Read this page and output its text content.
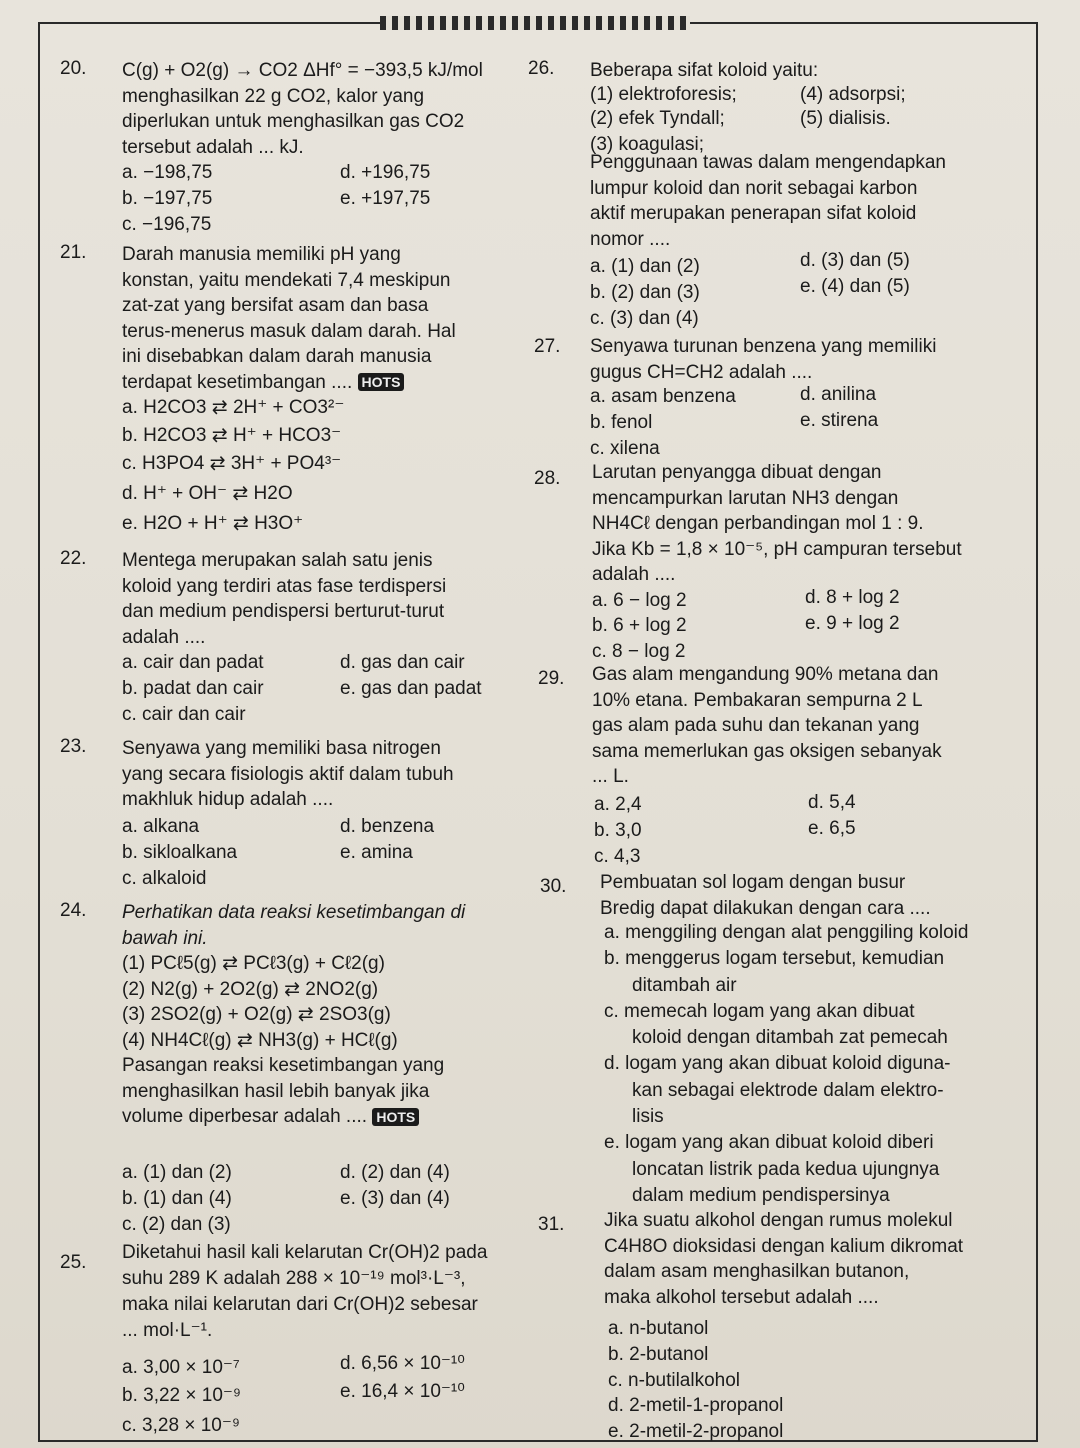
20. C(g) + O2(g) → CO2 ΔHf° = −393,5 kJ/mol
menghasilkan 22 g CO2, kalor yang
diperlukan untuk menghasilkan gas CO2
tersebut adalah ... kJ.
a. −198,75
b. −197,75
c. −196,75
d. +196,75
e. +197,75
21. Darah manusia memiliki pH yang
konstan, yaitu mendekati 7,4 meskipun
zat-zat yang bersifat asam dan basa
terus-menerus masuk dalam darah. Hal
ini disebabkan dalam darah manusia
terdapat kesetimbangan .... HOTS
a. H2CO3 ⇄ 2H⁺ + CO3²⁻
b. H2CO3 ⇄ H⁺ + HCO3⁻
c. H3PO4 ⇄ 3H⁺ + PO4³⁻
d. H⁺ + OH⁻ ⇄ H2O
e. H2O + H⁺ ⇄ H3O⁺
22. Mentega merupakan salah satu jenis
koloid yang terdiri atas fase terdispersi
dan medium pendispersi berturut-turut
adalah ....
a. cair dan padat
b. padat dan cair
c. cair dan cair
d. gas dan cair
e. gas dan padat
23. Senyawa yang memiliki basa nitrogen
yang secara fisiologis aktif dalam tubuh
makhluk hidup adalah ....
a. alkana
b. sikloalkana
c. alkaloid
d. benzena
e. amina
24. Perhatikan data reaksi kesetimbangan di
bawah ini.
(1) PCℓ5(g) ⇄ PCℓ3(g) + Cℓ2(g)
(2) N2(g) + 2O2(g) ⇄ 2NO2(g)
(3) 2SO2(g) + O2(g) ⇄ 2SO3(g)
(4) NH4Cℓ(g) ⇄ NH3(g) + HCℓ(g)
Pasangan reaksi kesetimbangan yang
menghasilkan hasil lebih banyak jika
volume diperbesar adalah .... HOTS
a. (1) dan (2)
b. (1) dan (4)
c. (2) dan (3)
d. (2) dan (4)
e. (3) dan (4)
25. Diketahui hasil kali kelarutan Cr(OH)2 pada
suhu 289 K adalah 288 × 10⁻¹⁹ mol³·L⁻³,
maka nilai kelarutan dari Cr(OH)2 sebesar
... mol·L⁻¹.
a. 3,00 × 10⁻⁷
b. 3,22 × 10⁻⁹
c. 3,28 × 10⁻⁹
d. 6,56 × 10⁻¹⁰
e. 16,4 × 10⁻¹⁰
26. Beberapa sifat koloid yaitu:
(1) elektroforesis;
(2) efek Tyndall;
(3) koagulasi;
(4) adsorpsi;
(5) dialisis.
Penggunaan tawas dalam mengendapkan
lumpur koloid dan norit sebagai karbon
aktif merupakan penerapan sifat koloid
nomor ....
a. (1) dan (2)
b. (2) dan (3)
c. (3) dan (4)
d. (3) dan (5)
e. (4) dan (5)
27. Senyawa turunan benzena yang memiliki
gugus CH=CH2 adalah ....
a. asam benzena
b. fenol
c. xilena
d. anilina
e. stirena
28. Larutan penyangga dibuat dengan
mencampurkan larutan NH3 dengan
NH4Cℓ dengan perbandingan mol 1 : 9.
Jika Kb = 1,8 × 10⁻⁵, pH campuran tersebut
adalah ....
a. 6 − log 2
b. 6 + log 2
c. 8 − log 2
d. 8 + log 2
e. 9 + log 2
29. Gas alam mengandung 90% metana dan
10% etana. Pembakaran sempurna 2 L
gas alam pada suhu dan tekanan yang
sama memerlukan gas oksigen sebanyak
... L.
a. 2,4
b. 3,0
c. 4,3
d. 5,4
e. 6,5
30. Pembuatan sol logam dengan busur
Bredig dapat dilakukan dengan cara ....
a. menggiling dengan alat penggiling koloid
b. menggerus logam tersebut, kemudian
ditambah air
c. memecah logam yang akan dibuat
koloid dengan ditambah zat pemecah
d. logam yang akan dibuat koloid diguna-
kan sebagai elektrode dalam elektro-
lisis
e. logam yang akan dibuat koloid diberi
loncatan listrik pada kedua ujungnya
dalam medium pendispersinya
31. Jika suatu alkohol dengan rumus molekul
C4H8O dioksidasi dengan kalium dikromat
dalam asam menghasilkan butanon,
maka alkohol tersebut adalah ....
a. n-butanol
b. 2-butanol
c. n-butilalkohol
d. 2-metil-1-propanol
e. 2-metil-2-propanol
